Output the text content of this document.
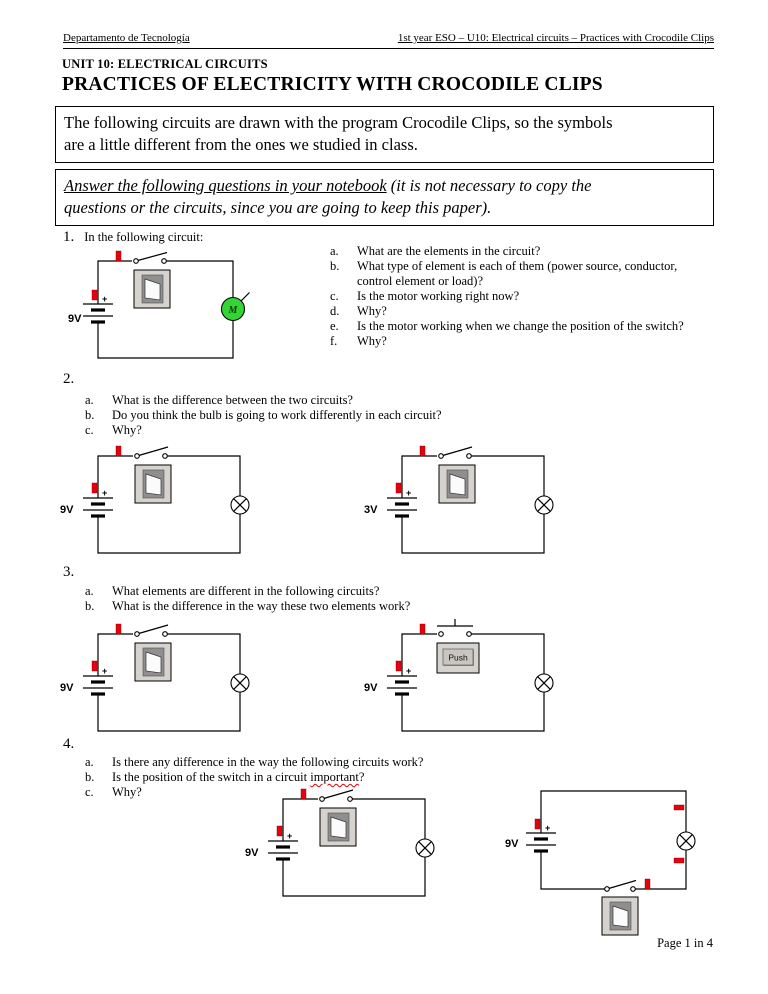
Departamento de Tecnología	1st year ESO – U10: Electrical circuits – Practices with Crocodile Clips
UNIT 10: ELECTRICAL CIRCUITS
PRACTICES OF ELECTRICITY WITH CROCODILE CLIPS
The following circuits are drawn with the program Crocodile Clips, so the symbols
are a little different from the ones we studied in class.
Answer the following questions in your notebook (it is not necessary to copy the
questions or the circuits, since you are going to keep this paper).
1. In the following circuit:
+
M
9V
a.	What are the elements in the circuit?
b.	What type of element is each of them (power source, conductor, control element or load)?
c.	Is the motor working right now?
d.	Why?
e.	Is the motor working when we change the position of the switch?
f.	Why?
2.
a.	What is the difference between the two circuits?
b.	Do you think the bulb is going to work differently in each circuit?
c.	Why?
+
9V
+
3V
3.
a.	What elements are different in the following circuits?
b.	What is the difference in the way these two elements work?
+
9V
+
Push
9V
4.
a.	Is there any difference in the way the following circuits work?
b.	Is the position of the switch in a circuit important?
c.	Why?
+
9V
+
9V
Page 1 in 4
